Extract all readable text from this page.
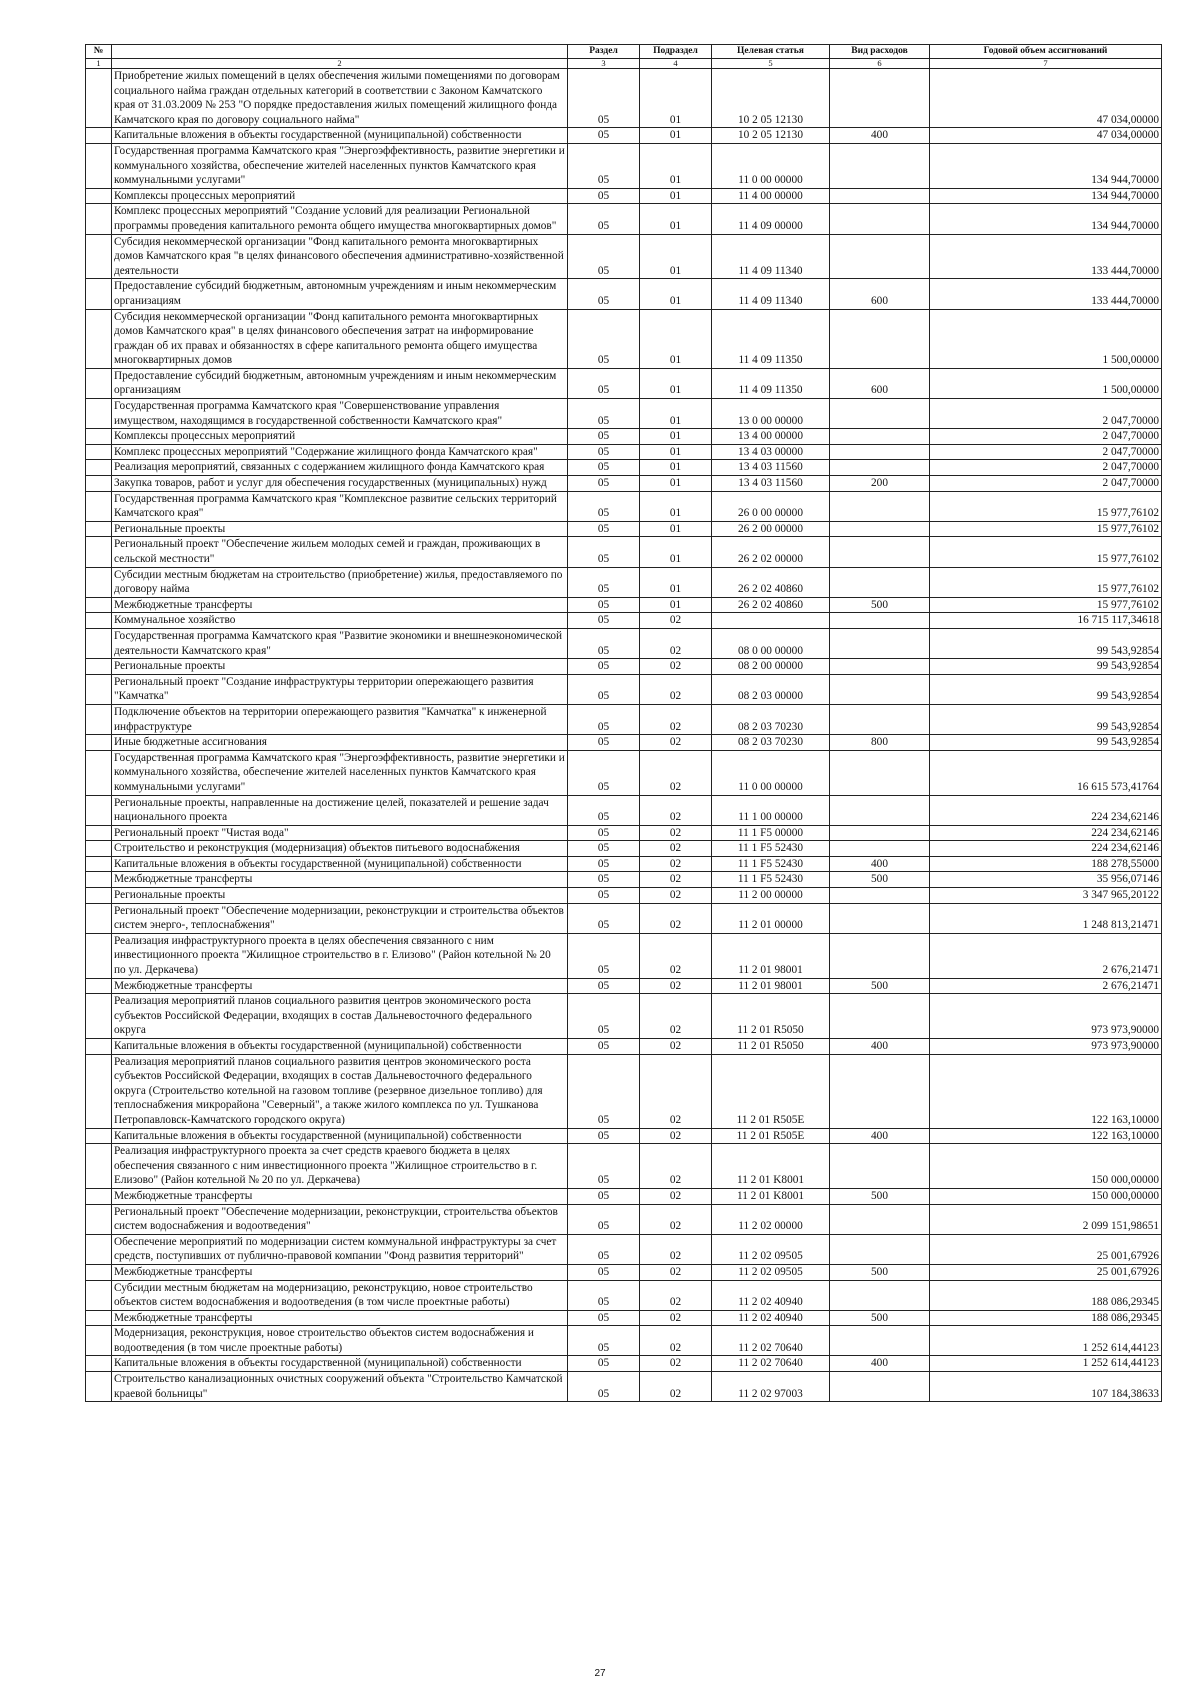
№		Раздел	Подраздел	Целевая статья	Вид расходов	Годовой объем ассигнований
1	2	3	4	5	6	7
	Приобретение жилых помещений в целях обеспечения жилыми помещениями по договорам социального найма граждан отдельных категорий в соответствии с Законом Камчатского края от 31.03.2009 № 253 "О порядке предоставления жилых помещений жилищного фонда Камчатского края по договору социального найма"	05	01	10 2 05 12130		47 034,00000
	Капитальные вложения в объекты государственной (муниципальной) собственности	05	01	10 2 05 12130	400	47 034,00000
	Государственная программа Камчатского края "Энергоэффективность, развитие энергетики и коммунального хозяйства, обеспечение жителей населенных пунктов Камчатского края коммунальными услугами"	05	01	11 0 00 00000		134 944,70000
	Комплексы процессных мероприятий	05	01	11 4 00 00000		134 944,70000
	Комплекс процессных мероприятий "Создание условий для реализации Региональной программы проведения капитального ремонта общего имущества многоквартирных домов"	05	01	11 4 09 00000		134 944,70000
	Субсидия некоммерческой организации "Фонд капитального ремонта многоквартирных домов Камчатского края "в целях финансового обеспечения административно-хозяйственной деятельности	05	01	11 4 09 11340		133 444,70000
	Предоставление субсидий бюджетным, автономным учреждениям и иным некоммерческим организациям	05	01	11 4 09 11340	600	133 444,70000
	Субсидия некоммерческой организации "Фонд капитального ремонта многоквартирных домов Камчатского края" в целях финансового обеспечения затрат на информирование граждан об их правах и обязанностях в сфере капитального ремонта общего имущества многоквартирных домов	05	01	11 4 09 11350		1 500,00000
	Предоставление субсидий бюджетным, автономным учреждениям и иным некоммерческим организациям	05	01	11 4 09 11350	600	1 500,00000
	Государственная программа Камчатского края "Совершенствование управления имуществом, находящимся в государственной собственности Камчатского края"	05	01	13 0 00 00000		2 047,70000
	Комплексы процессных мероприятий	05	01	13 4 00 00000		2 047,70000
	Комплекс процессных мероприятий "Содержание жилищного фонда Камчатского края"	05	01	13 4 03 00000		2 047,70000
	Реализация мероприятий, связанных с содержанием жилищного фонда Камчатского края	05	01	13 4 03 11560		2 047,70000
	Закупка товаров, работ и услуг для обеспечения государственных (муниципальных) нужд	05	01	13 4 03 11560	200	2 047,70000
	Государственная программа Камчатского края "Комплексное развитие сельских территорий Камчатского края"	05	01	26 0 00 00000		15 977,76102
	Региональные проекты	05	01	26 2 00 00000		15 977,76102
	Региональный проект "Обеспечение жильем молодых семей и граждан, проживающих в сельской местности"	05	01	26 2 02 00000		15 977,76102
	Субсидии местным бюджетам на строительство (приобретение) жилья, предоставляемого по договору найма	05	01	26 2 02 40860		15 977,76102
	Межбюджетные трансферты	05	01	26 2 02 40860	500	15 977,76102
	Коммунальное хозяйство	05	02			16 715 117,34618
	Государственная программа Камчатского края "Развитие экономики и внешнеэкономической деятельности Камчатского края"	05	02	08 0 00 00000		99 543,92854
	Региональные проекты	05	02	08 2 00 00000		99 543,92854
	Региональный проект "Создание инфраструктуры территории опережающего развития "Камчатка"	05	02	08 2 03 00000		99 543,92854
	Подключение объектов на территории опережающего развития "Камчатка" к инженерной инфраструктуре	05	02	08 2 03 70230		99 543,92854
	Иные бюджетные ассигнования	05	02	08 2 03 70230	800	99 543,92854
	Государственная программа Камчатского края "Энергоэффективность, развитие энергетики и коммунального хозяйства, обеспечение жителей населенных пунктов Камчатского края коммунальными услугами"	05	02	11 0 00 00000		16 615 573,41764
	Региональные проекты, направленные на достижение целей, показателей и решение задач национального проекта	05	02	11 1 00 00000		224 234,62146
	Региональный проект "Чистая вода"	05	02	11 1 F5 00000		224 234,62146
	Строительство и реконструкция (модернизация) объектов питьевого водоснабжения	05	02	11 1 F5 52430		224 234,62146
	Капитальные вложения в объекты государственной (муниципальной) собственности	05	02	11 1 F5 52430	400	188 278,55000
	Межбюджетные трансферты	05	02	11 1 F5 52430	500	35 956,07146
	Региональные проекты	05	02	11 2 00 00000		3 347 965,20122
	Региональный проект "Обеспечение модернизации, реконструкции и строительства объектов систем энерго-, теплоснабжения"	05	02	11 2 01 00000		1 248 813,21471
	Реализация инфраструктурного проекта в целях обеспечения связанного с ним инвестиционного проекта "Жилищное строительство в г. Елизово" (Район котельной № 20 по ул. Деркачева)	05	02	11 2 01 98001		2 676,21471
	Межбюджетные трансферты	05	02	11 2 01 98001	500	2 676,21471
	Реализация мероприятий планов социального развития центров экономического роста субъектов Российской Федерации, входящих в состав Дальневосточного федерального округа	05	02	11 2 01 R5050		973 973,90000
	Капитальные вложения в объекты государственной (муниципальной) собственности	05	02	11 2 01 R5050	400	973 973,90000
	Реализация мероприятий планов социального развития центров экономического роста субъектов Российской Федерации, входящих в состав Дальневосточного федерального округа (Строительство котельной на газовом топливе (резервное дизельное топливо) для теплоснабжения микрорайона "Северный", а также жилого комплекса по ул. Тушканова Петропавловск-Камчатского городского округа)	05	02	11 2 01 R505E		122 163,10000
	Капитальные вложения в объекты государственной (муниципальной) собственности	05	02	11 2 01 R505E	400	122 163,10000
	Реализация инфраструктурного проекта за счет средств краевого бюджета в целях обеспечения связанного с ним инвестиционного проекта "Жилищное строительство в г. Елизово" (Район котельной № 20 по ул. Деркачева)	05	02	11 2 01 K8001		150 000,00000
	Межбюджетные трансферты	05	02	11 2 01 K8001	500	150 000,00000
	Региональный проект "Обеспечение модернизации, реконструкции, строительства объектов систем водоснабжения и водоотведения"	05	02	11 2 02 00000		2 099 151,98651
	Обеспечение мероприятий по модернизации систем коммунальной инфраструктуры за счет средств, поступивших от публично-правовой компании "Фонд развития территорий"	05	02	11 2 02 09505		25 001,67926
	Межбюджетные трансферты	05	02	11 2 02 09505	500	25 001,67926
	Субсидии местным бюджетам на модернизацию, реконструкцию, новое строительство объектов систем водоснабжения и водоотведения (в том числе проектные работы)	05	02	11 2 02 40940		188 086,29345
	Межбюджетные трансферты	05	02	11 2 02 40940	500	188 086,29345
	Модернизация, реконструкция, новое строительство объектов систем водоснабжения и водоотведения (в том числе проектные работы)	05	02	11 2 02 70640		1 252 614,44123
	Капитальные вложения в объекты государственной (муниципальной) собственности	05	02	11 2 02 70640	400	1 252 614,44123
	Строительство канализационных очистных сооружений объекта "Строительство Камчатской краевой больницы"	05	02	11 2 02 97003		107 184,38633
27
